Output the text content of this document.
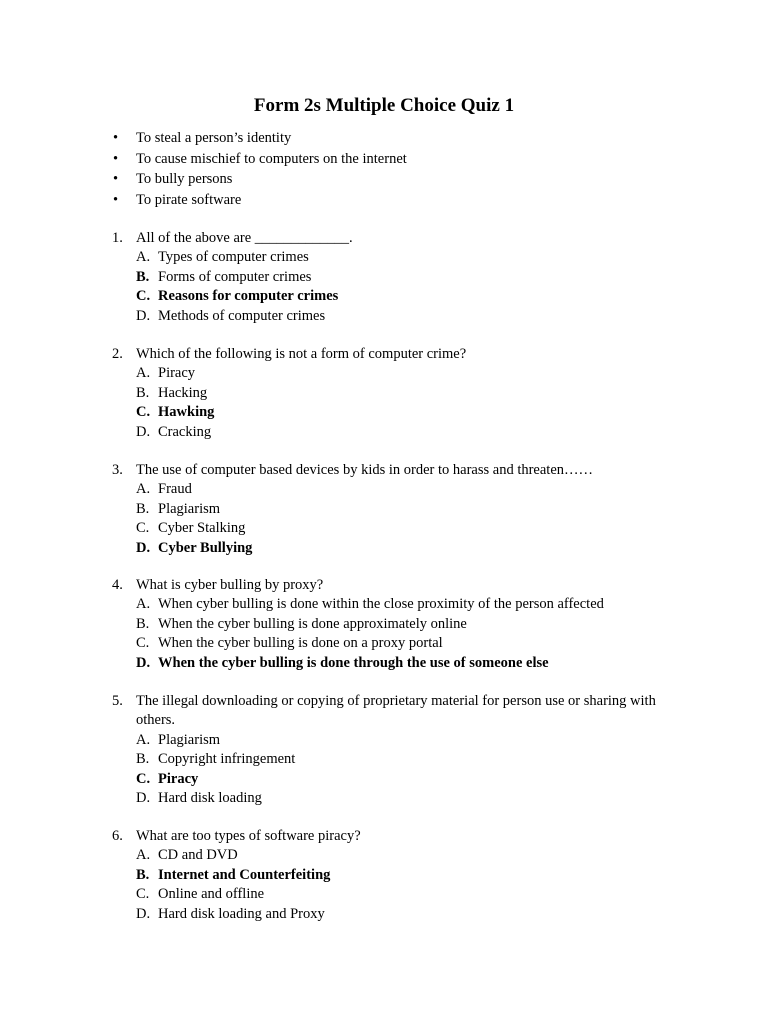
Form 2s Multiple Choice Quiz 1
• To steal a person’s identity
• To cause mischief to computers on the internet
• To bully persons
• To pirate software
1. All of the above are _____________.
A. Types of computer crimes
B. Forms of computer crimes
C. Reasons for computer crimes
D. Methods of computer crimes
2. Which of the following is not a form of computer crime?
A. Piracy
B. Hacking
C. Hawking
D. Cracking
3. The use of computer based devices by kids in order to harass and threaten……
A. Fraud
B. Plagiarism
C. Cyber Stalking
D. Cyber Bullying
4. What is cyber bulling by proxy?
A. When cyber bulling is done within the close proximity of the person affected
B. When the cyber bulling is done approximately online
C. When the cyber bulling is done on a proxy portal
D. When the cyber bulling is done through the use of someone else
5. The illegal downloading or copying of proprietary material for person use or sharing with others.
A. Plagiarism
B. Copyright infringement
C. Piracy
D. Hard disk loading
6. What are too types of software piracy?
A. CD and DVD
B. Internet and Counterfeiting
C. Online and offline
D. Hard disk loading and Proxy
